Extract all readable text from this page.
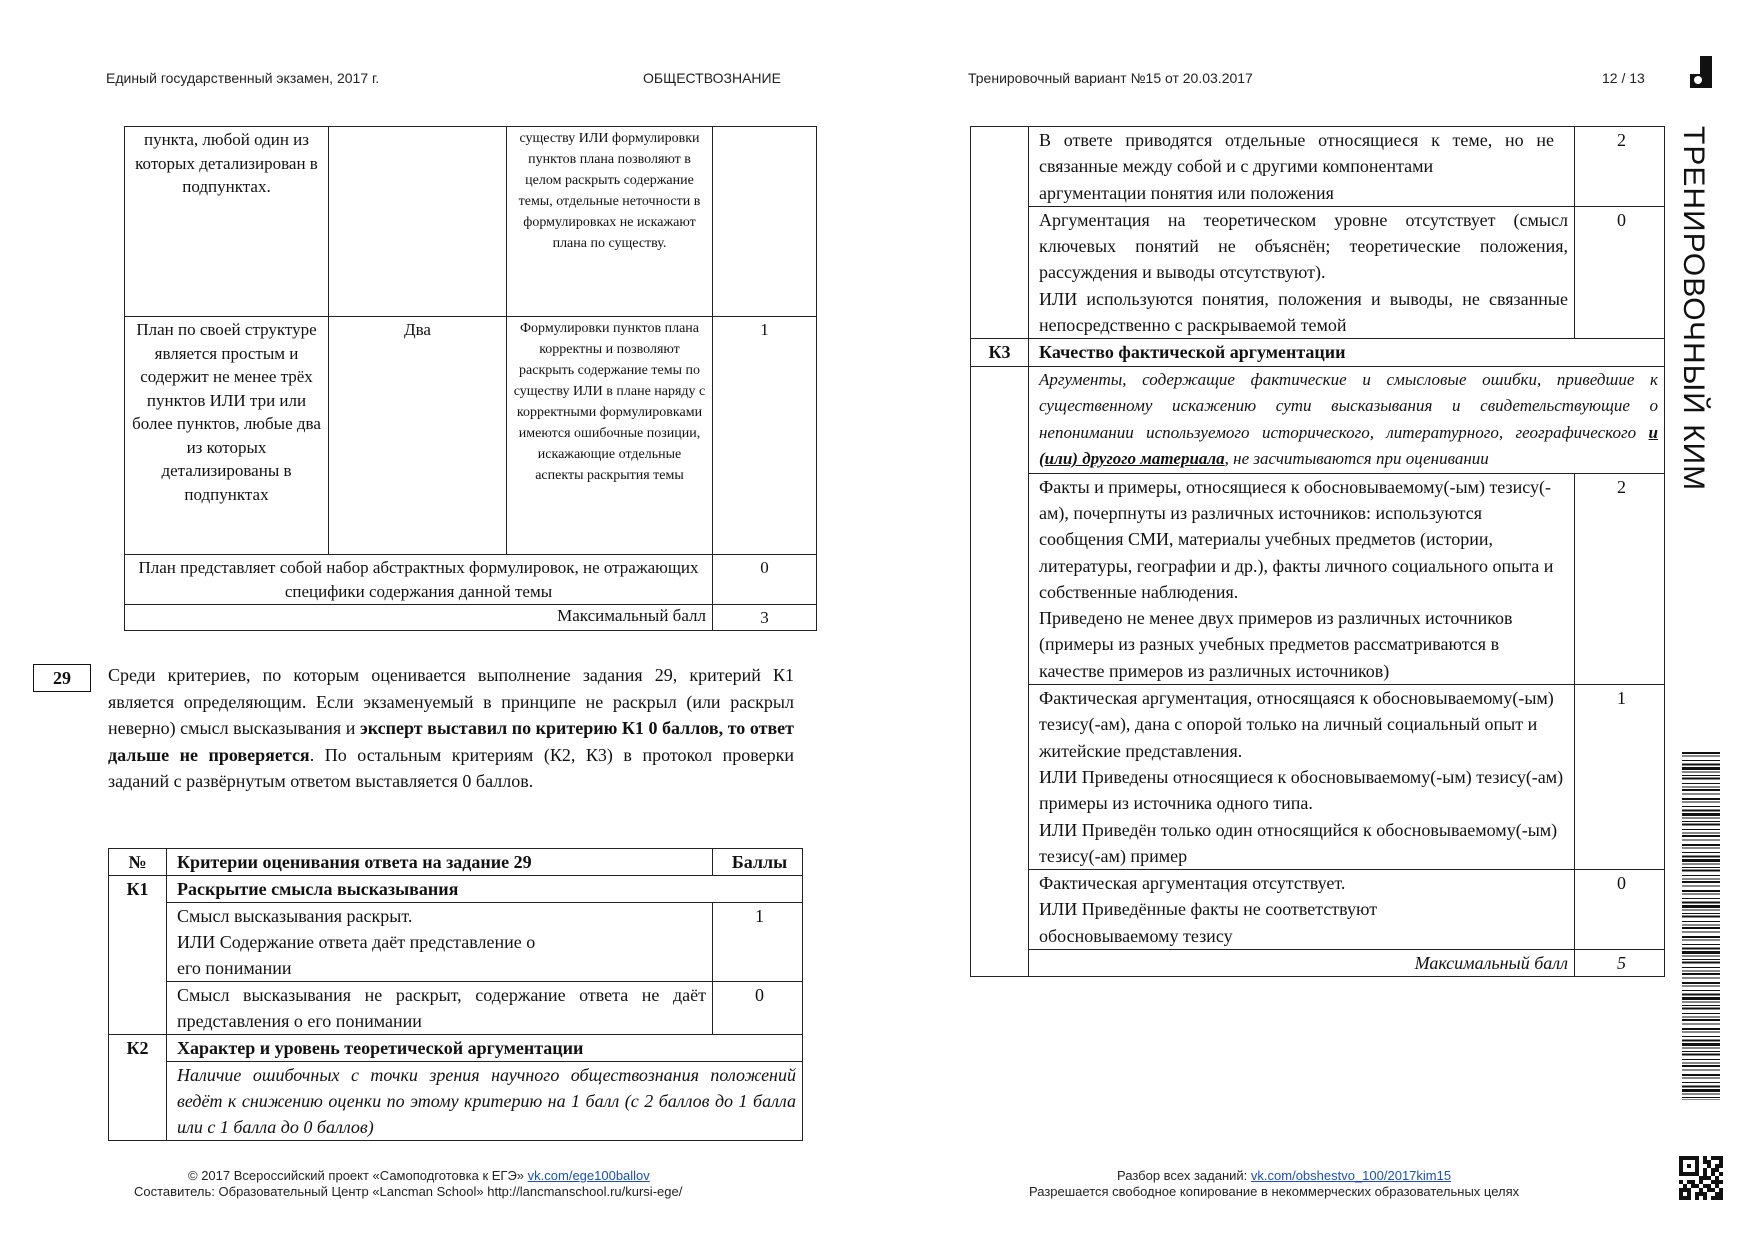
Единый государственный экзамен, 2017 г.	ОБЩЕСТВОЗНАНИЕ	Тренировочный вариант №15 от 20.03.2017	12 / 13
пункта, любой один из которых детализирован в подпунктах.		существу ИЛИ формулировки пунктов плана позволяют в целом раскрыть содержание темы, отдельные неточности в формулировках не искажают плана по существу.	
План по своей структуре является простым и содержит не менее трёх пунктов ИЛИ три или более пунктов, любые два из которых детализированы в подпунктах	Два	Формулировки пунктов плана корректны и позволяют раскрыть содержание темы по существу ИЛИ в плане наряду с корректными формулировками имеются ошибочные позиции, искажающие отдельные аспекты раскрытия темы	1
План представляет собой набор абстрактных формулировок, не отражающих специфики содержания данной темы			0
Максимальный балл			3
29	Среди критериев, по которым оценивается выполнение задания 29, критерий К1 является определяющим. Если экзаменуемый в принципе не раскрыл (или раскрыл неверно) смысл высказывания и эксперт выставил по критерию К1 0 баллов, то ответ дальше не проверяется. По остальным критериям (К2, К3) в протокол проверки заданий с развёрнутым ответом выставляется 0 баллов.
№	Критерии оценивания ответа на задание 29	Баллы
К1	Раскрытие смысла высказывания	

	Смысл высказывания раскрыт.
ИЛИ Содержание ответа даёт представление о его понимании	1
	Смысл высказывания не раскрыт, содержание ответа не даёт представления о его понимании	0
К2	Характер и уровень теоретической аргументации	
	Наличие ошибочных с точки зрения научного обществознания положений ведёт к снижению оценки по этому критерию на 1 балл (с 2 баллов до 1 балла или с 1 балла до 0 баллов)	

	В ответе приводятся отдельные относящиеся к теме, но не связанные между собой и с другими компонентами
аргументации понятия или положения	2

	Аргументация на теоретическом уровне отсутствует (смысл ключевых понятий не объяснён; теоретические положения, рассуждения и выводы отсутствуют).
ИЛИ используются понятия, положения и выводы, не связанные непосредственно с раскрываемой темой	0
К3	Качество фактической аргументации	
	Аргументы, содержащие фактические и смысловые ошибки, приведшие к существенному искажению сути высказывания и свидетельствующие о непонимании используемого исторического, литературного, географического и (или) другого материала, не засчитываются при оценивании	

	Факты и примеры, относящиеся к обосновываемому(-ым) тезису(-ам), почерпнуты из различных источников: используются сообщения СМИ, материалы учебных предметов (истории, литературы, географии и др.), факты личного социального опыта и собственные наблюдения.
Приведено не менее двух примеров из различных источников (примеры из разных учебных предметов рассматриваются в качестве примеров из различных источников)	2

	Фактическая аргументация, относящаяся к обосновываемому(-ым) тезису(-ам), дана с опорой только на личный социальный опыт и житейские представления.
ИЛИ Приведены относящиеся к обосновываемому(-ым) тезису(-ам) примеры из источника одного типа.
ИЛИ Приведён только один относящийся к обосновываемому(-ым) тезису(-ам) пример	1

	Фактическая аргументация отсутствует.
ИЛИ Приведённые факты не соответствуют обосновываемому тезису	0
	Максимальный балл	5
ТРЕНИРОВОЧНЫЙ КИМ
© 2017 Всероссийский проект «Самоподготовка к ЕГЭ» vk.com/ege100ballov
Составитель: Образовательный Центр «Lancman School» http://lancmanschool.ru/kursi-ege/
Разбор всех заданий: vk.com/obshestvo_100/2017kim15
Разрешается свободное копирование в некоммерческих образовательных целях
